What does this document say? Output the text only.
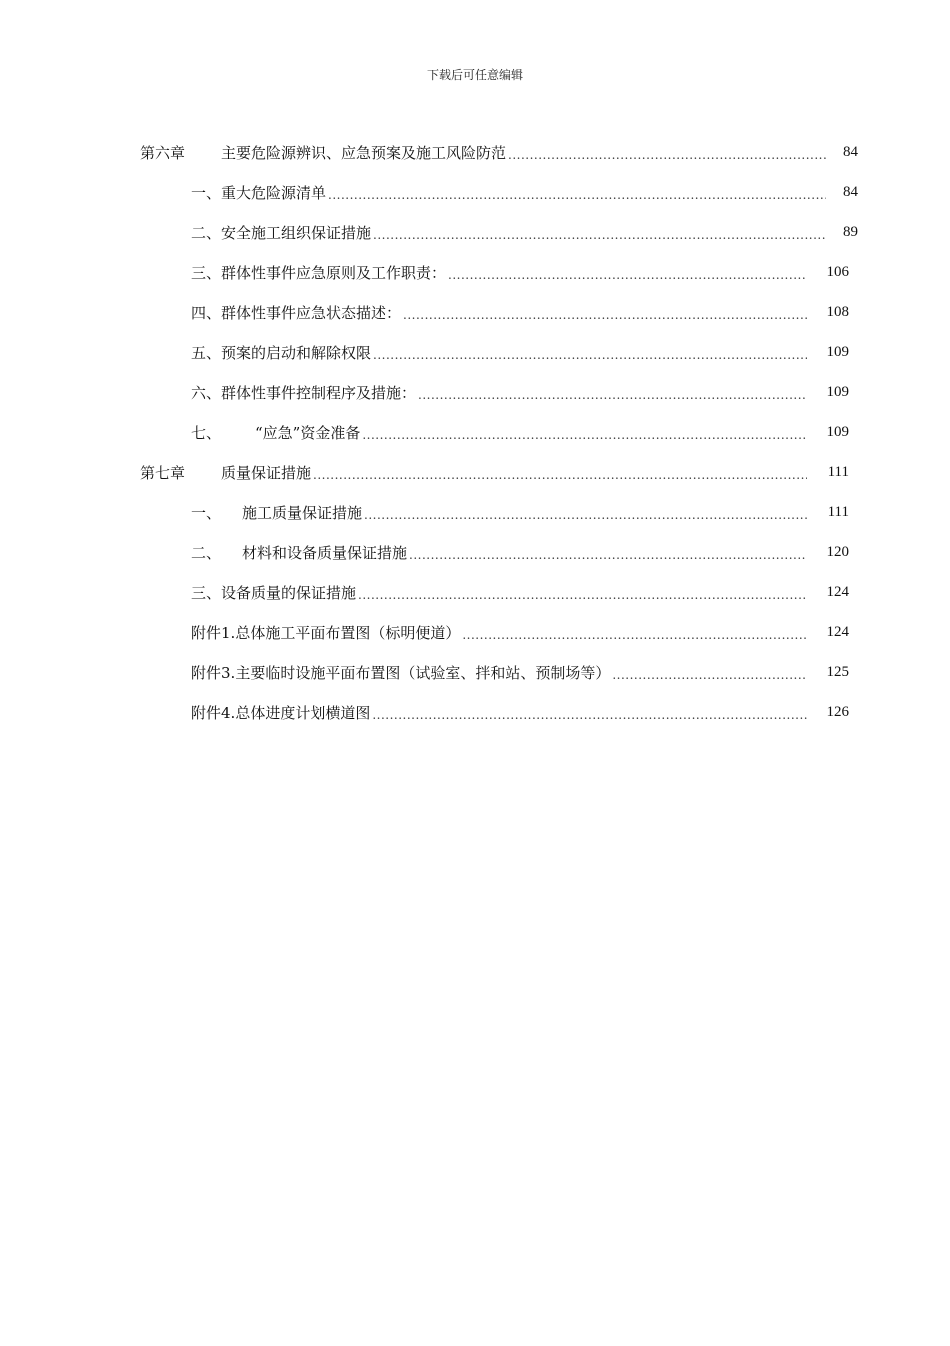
下载后可任意编辑
第六章 主要危险源辨识、应急预案及施工风险防范 .....	84
一、重大危险源清单 .....	84
二、安全施工组织保证措施 .....	89
三、群体性事件应急原则及工作职责： .....	106
四、群体性事件应急状态描述： .....	108
五、预案的启动和解除权限 .....	109
六、群体性事件控制程序及措施： .....	109
七、 “应急”资金准备 .....	109
第七章 质量保证措施 .....	111
一、 施工质量保证措施 .....	111
二、 材料和设备质量保证措施 .....	120
三、设备质量的保证措施 .....	124
附件1.总体施工平面布置图（标明便道） .....	124
附件3.主要临时设施平面布置图（试验室、拌和站、预制场等） .....	125
附件4.总体进度计划横道图 .....	126
